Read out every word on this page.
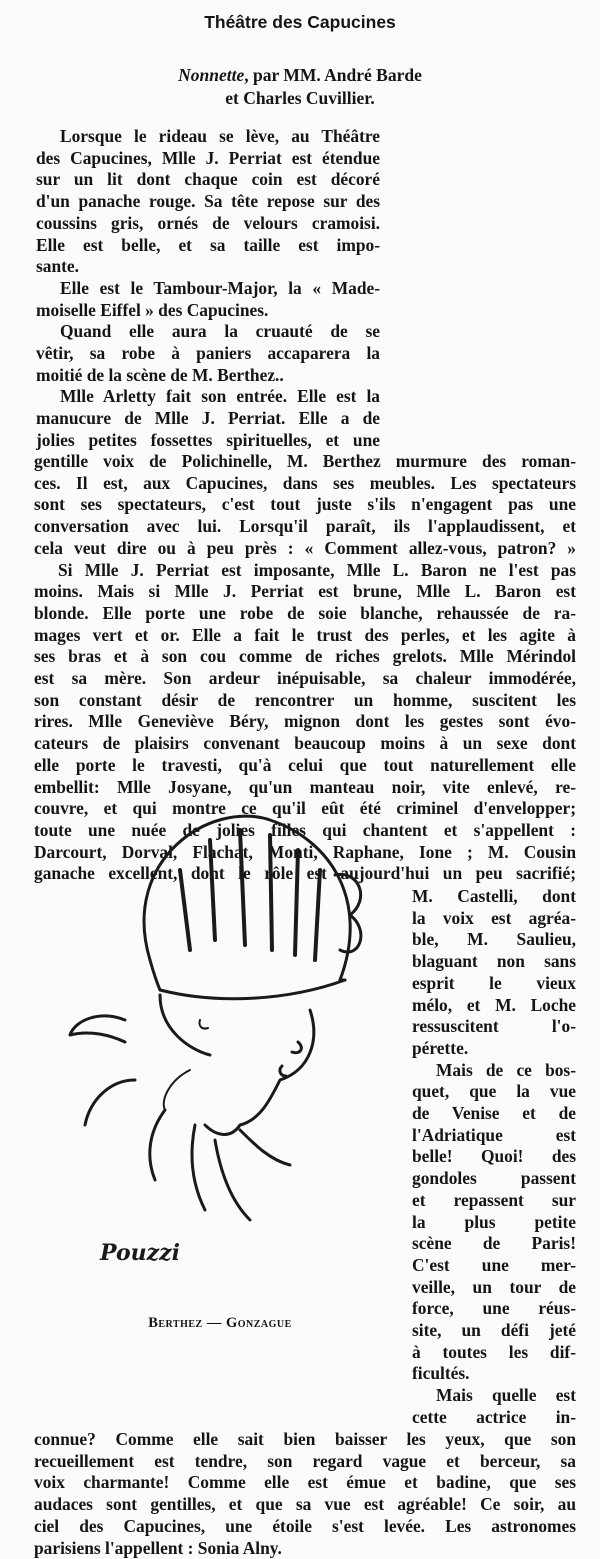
Théâtre des Capucines
Nonnette, par MM. André Barde
et Charles Cuvillier.
Lorsque le rideau se lève, au Théâtre
des Capucines, Mlle J. Perriat est étendue
sur un lit dont chaque coin est décoré
d'un panache rouge. Sa tête repose sur des
coussins gris, ornés de velours cramoisi.
Elle est belle, et sa taille est impo-
sante.
Elle est le Tambour-Major, la « Made-
moiselle Eiffel » des Capucines.
Quand elle aura la cruauté de se
vêtir, sa robe à paniers accaparera la
moitié de la scène de M. Berthez..
Mlle Arletty fait son entrée. Elle est la
manucure de Mlle J. Perriat. Elle a de
jolies petites fossettes spirituelles, et une
gentille voix de Polichinelle, M. Berthez murmure des roman-
ces. Il est, aux Capucines, dans ses meubles. Les spectateurs
sont ses spectateurs, c'est tout juste s'ils n'engagent pas une
conversation avec lui. Lorsqu'il paraît, ils l'applaudissent, et
cela veut dire ou à peu près : « Comment allez-vous, patron? »
Si Mlle J. Perriat est imposante, Mlle L. Baron ne l'est pas
moins. Mais si Mlle J. Perriat est brune, Mlle L. Baron est
blonde. Elle porte une robe de soie blanche, rehaussée de ra-
mages vert et or. Elle a fait le trust des perles, et les agite à
ses bras et à son cou comme de riches grelots. Mlle Mérindol
est sa mère. Son ardeur inépuisable, sa chaleur immodérée,
son constant désir de rencontrer un homme, suscitent les
rires. Mlle Geneviève Béry, mignon dont les gestes sont évo-
cateurs de plaisirs convenant beaucoup moins à un sexe dont
elle porte le travesti, qu'à celui que tout naturellement elle
embellit: Mlle Josyane, qu'un manteau noir, vite enlevé, re-
couvre, et qui montre ce qu'il eût été criminel d'envelopper;
toute une nuée de jolies filles qui chantent et s'appellent :
Darcourt, Dorval, Flachat, Monti, Raphane, Ione ; M. Cousin
ganache excellent, dont le rôle est aujourd'hui un peu sacrifié;
M. Castelli, dont
la voix est agréa-
ble, M. Saulieu,
blaguant non sans
esprit le vieux
mélo, et M. Loche
ressuscitent l'o-
pérette.
Mais de ce bos-
quet, que la vue
de Venise et de
l'Adriatique est
belle! Quoi! des
gondoles passent
et repassent sur
la plus petite
scène de Paris!
C'est une mer-
veille, un tour de
force, une réus-
site, un défi jeté
à toutes les dif-
ficultés.
Mais quelle est
cette actrice in-
connue? Comme elle sait bien baisser les yeux, que son
recueillement est tendre, son regard vague et berceur, sa
voix charmante! Comme elle est émue et badine, que ses
audaces sont gentilles, et que sa vue est agréable! Ce soir, au
ciel des Capucines, une étoile s'est levée. Les astronomes
parisiens l'appellent : Sonia Alny.
Pouzzi
Berthez — Gonzague
